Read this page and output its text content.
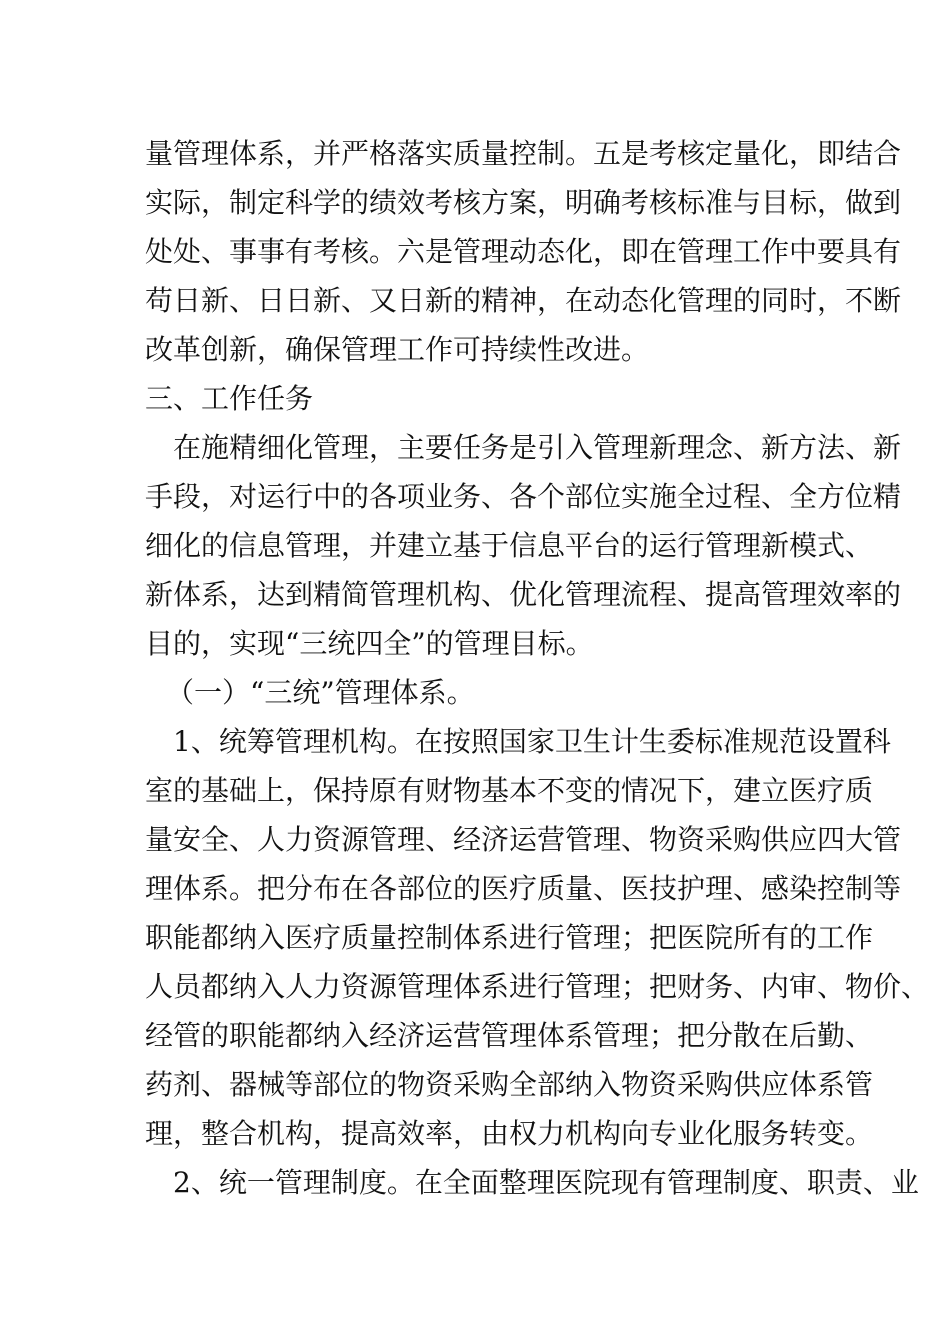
量管理体系，并严格落实质量控制。五是考核定量化，即结合
实际，制定科学的绩效考核方案，明确考核标准与目标，做到
处处、事事有考核。六是管理动态化，即在管理工作中要具有
苟日新、日日新、又日新的精神，在动态化管理的同时，不断
改革创新，确保管理工作可持续性改进。
三、工作任务
在施精细化管理，主要任务是引入管理新理念、新方法、新
手段，对运行中的各项业务、各个部位实施全过程、全方位精
细化的信息管理，并建立基于信息平台的运行管理新模式、
新体系，达到精简管理机构、优化管理流程、提高管理效率的
目的，实现“三统四全”的管理目标。
（一）“三统”管理体系。
1、统筹管理机构。在按照国家卫生计生委标准规范设置科
室的基础上，保持原有财物基本不变的情况下，建立医疗质
量安全、人力资源管理、经济运营管理、物资采购供应四大管
理体系。把分布在各部位的医疗质量、医技护理、感染控制等
职能都纳入医疗质量控制体系进行管理；把医院所有的工作
人员都纳入人力资源管理体系进行管理；把财务、内审、物价、
经管的职能都纳入经济运营管理体系管理；把分散在后勤、
药剂、器械等部位的物资采购全部纳入物资采购供应体系管
理，整合机构，提高效率，由权力机构向专业化服务转变。
2、统一管理制度。在全面整理医院现有管理制度、职责、业
